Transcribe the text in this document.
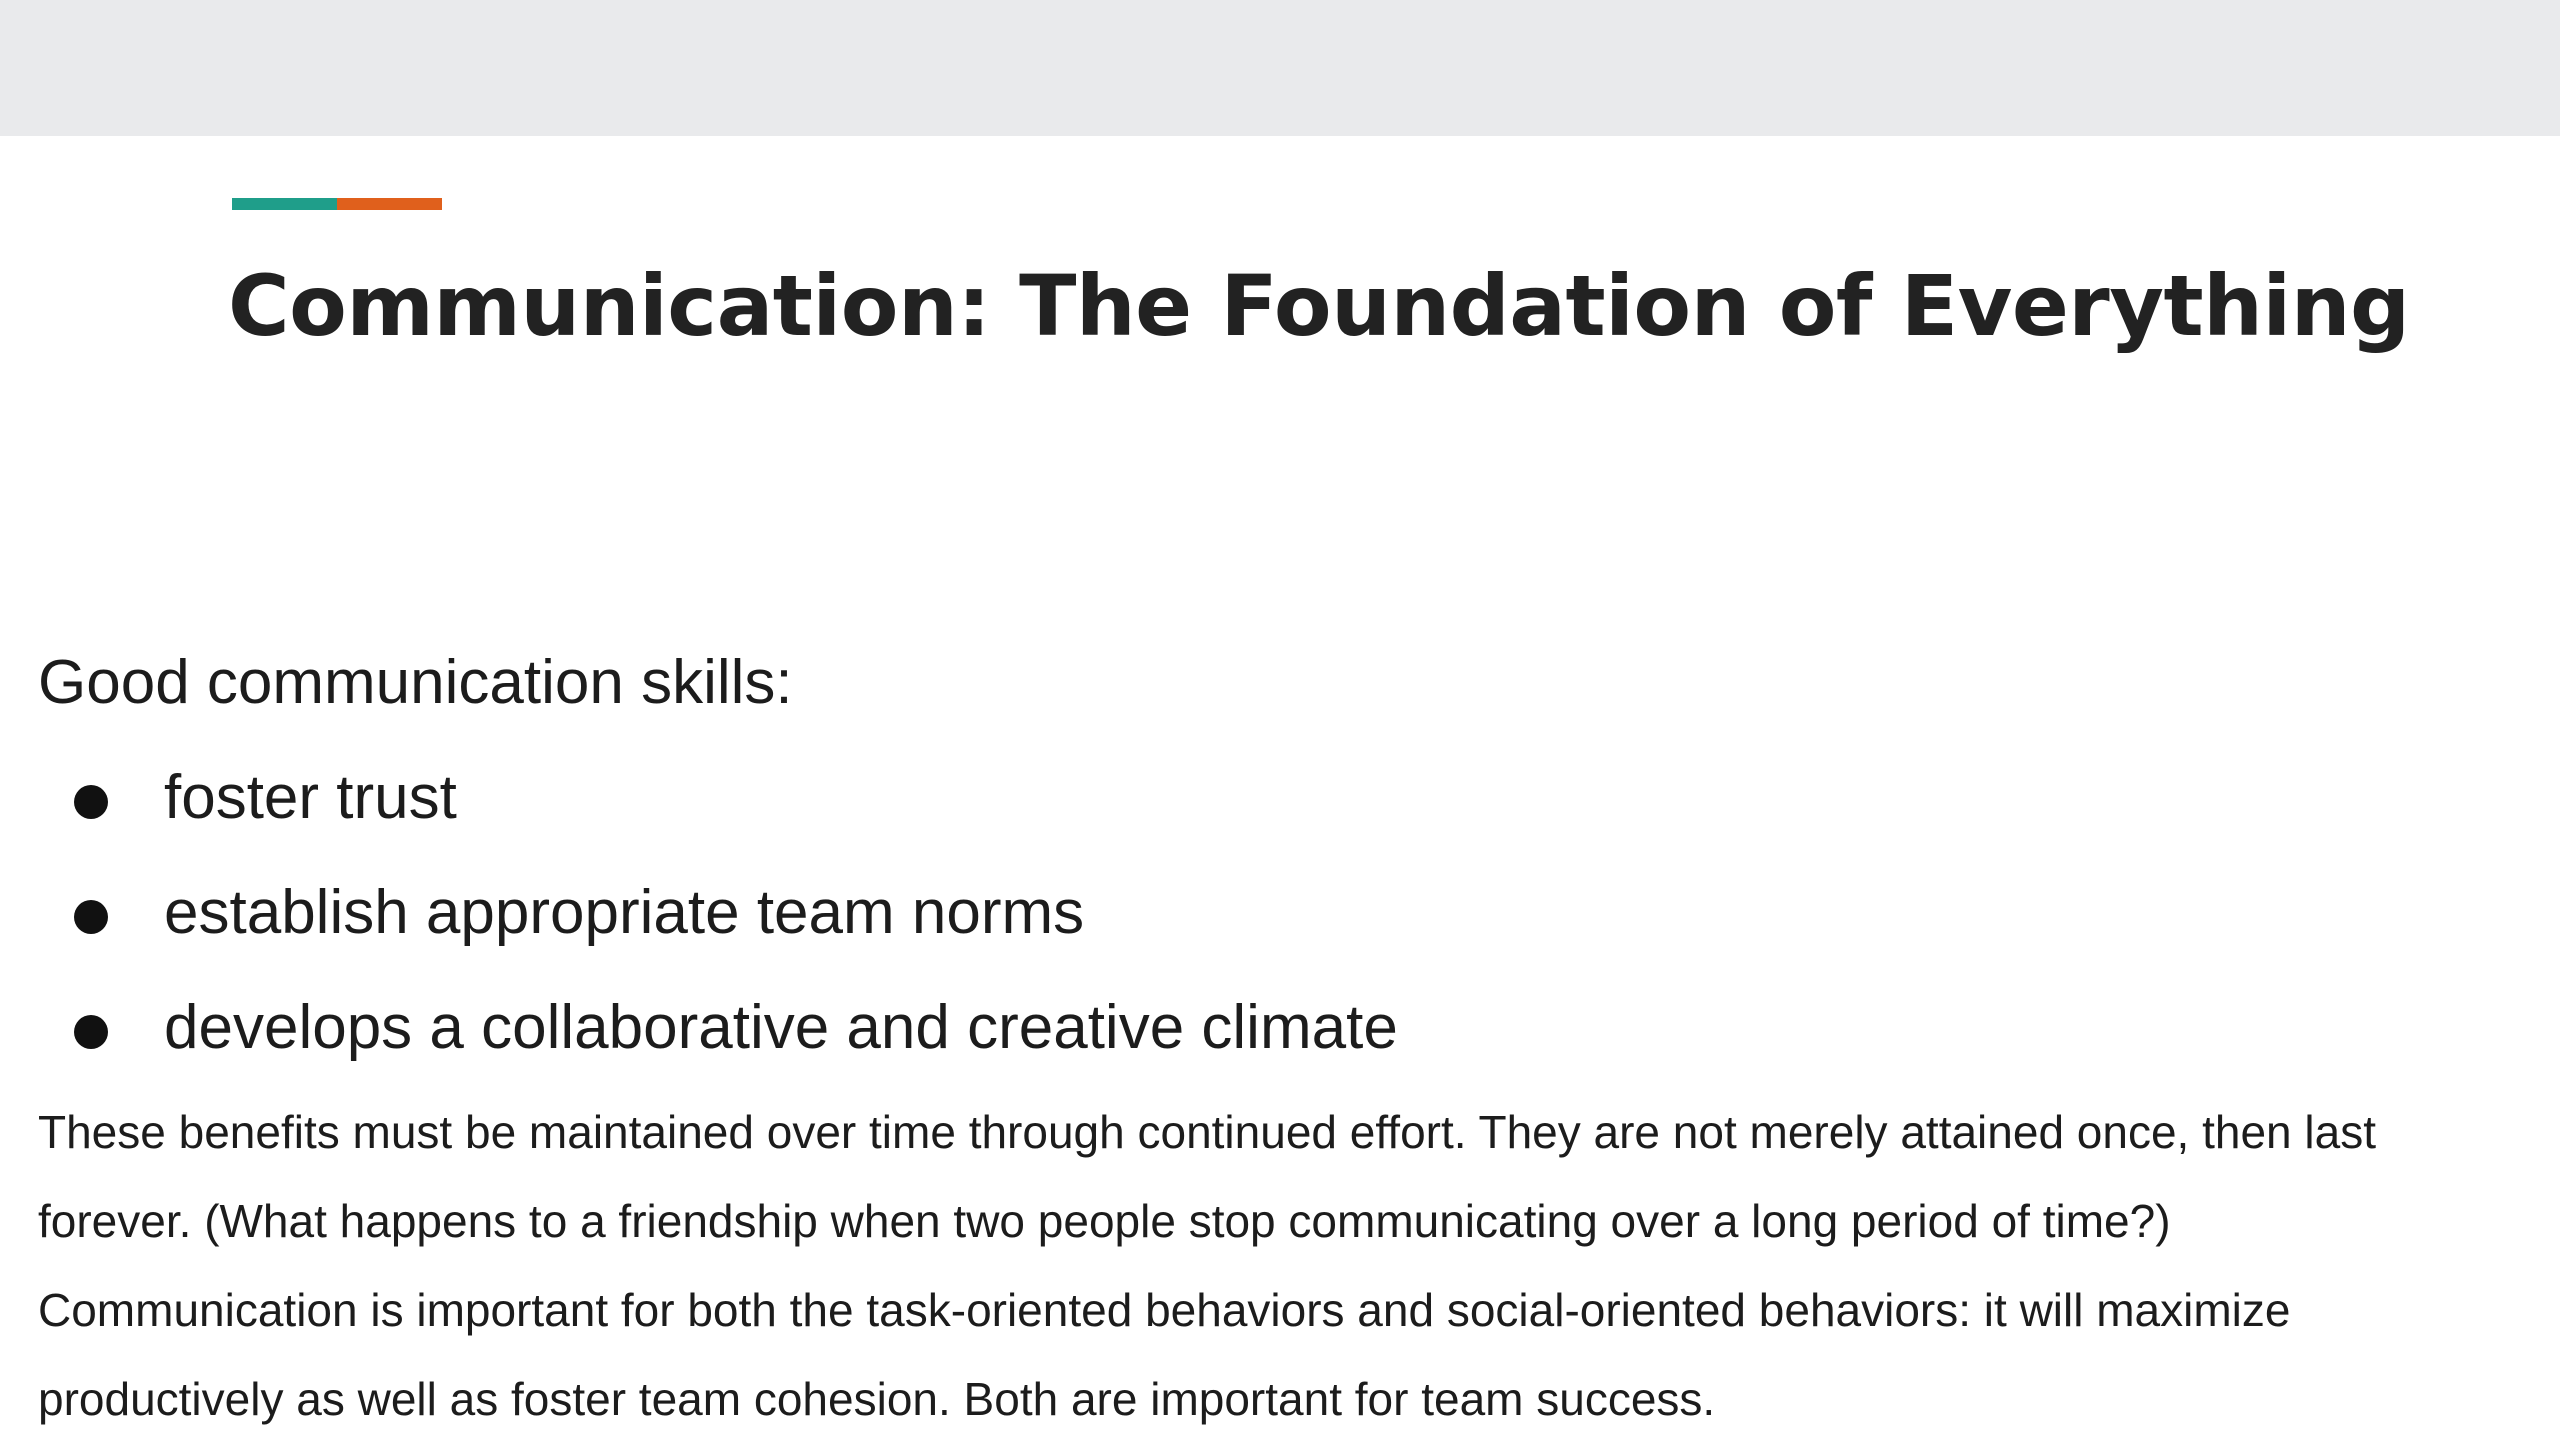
Communication: The Foundation of Everything
Good communication skills:
foster trust
establish appropriate team norms
develops a collaborative and creative climate

These benefits must be maintained over time through continued effort. They are not merely attained once, then last forever. (What happens to a friendship when two people stop communicating over a long period of time?)

Communication is important for both the task-oriented behaviors and social-oriented behaviors: it will maximize productively as well as foster team cohesion. Both are important for team success.
